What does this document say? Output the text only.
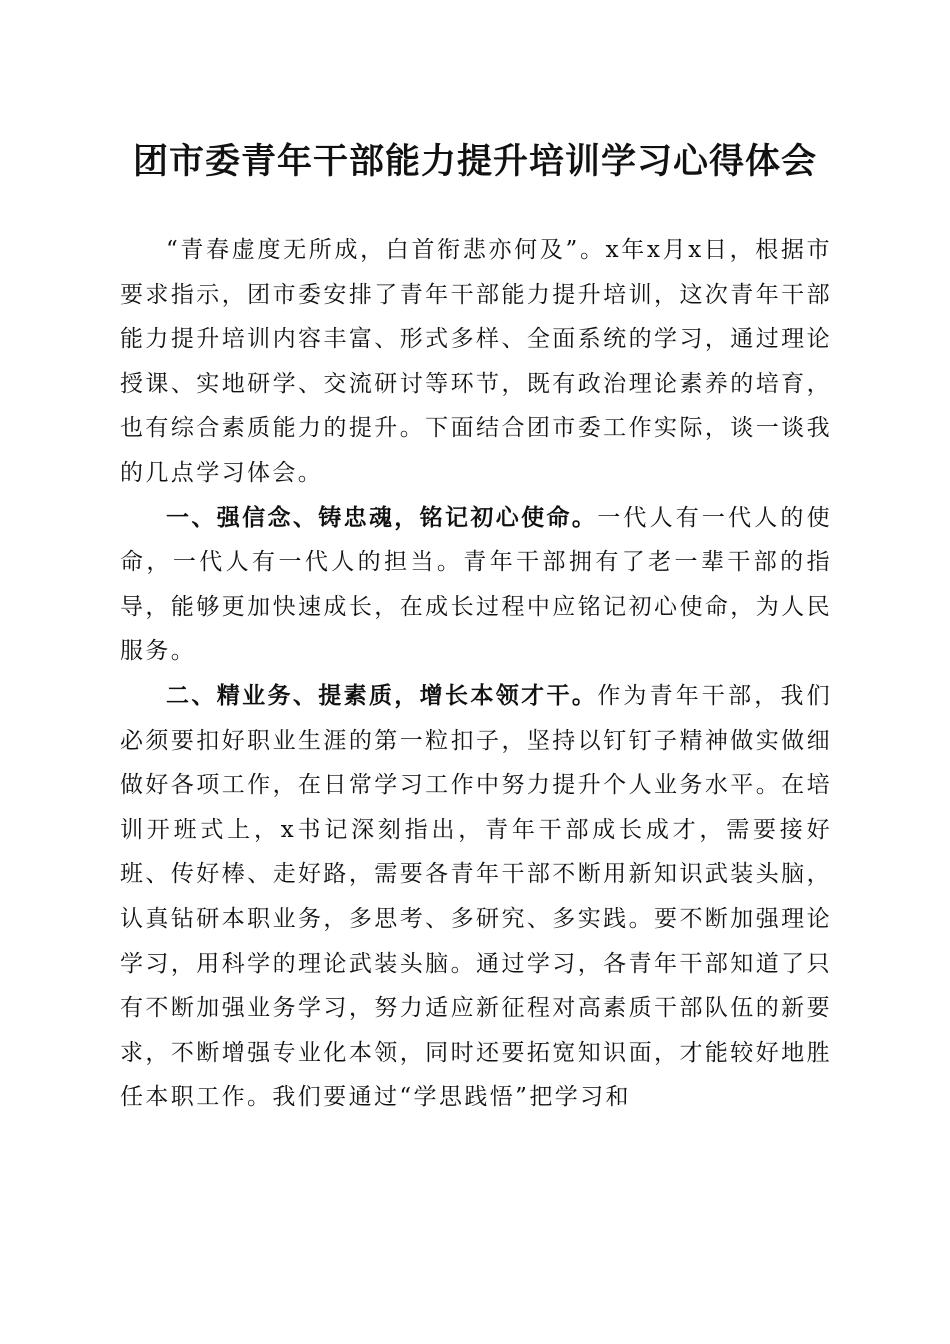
团市委青年干部能力提升培训学习心得体会

“青春虚度无所成，白首衔悲亦何及”。x年x月x日，根据市要求指示，团市委安排了青年干部能力提升培训，这次青年干部能力提升培训内容丰富、形式多样、全面系统的学习，通过理论授课、实地研学、交流研讨等环节，既有政治理论素养的培育，也有综合素质能力的提升。下面结合团市委工作实际，谈一谈我的几点学习体会。

一、强信念、铸忠魂，铭记初心使命。一代人有一代人的使命，一代人有一代人的担当。青年干部拥有了老一辈干部的指导，能够更加快速成长，在成长过程中应铭记初心使命，为人民服务。

二、精业务、提素质，增长本领才干。作为青年干部，我们必须要扣好职业生涯的第一粒扣子，坚持以钉钉子精神做实做细做好各项工作，在日常学习工作中努力提升个人业务水平。在培训开班式上，x书记深刻指出，青年干部成长成才，需要接好班、传好棒、走好路，需要各青年干部不断用新知识武装头脑，认真钻研本职业务，多思考、多研究、多实践。要不断加强理论学习，用科学的理论武装头脑。通过学习，各青年干部知道了只有不断加强业务学习，努力适应新征程对高素质干部队伍的新要求，不断增强专业化本领，同时还要拓宽知识面，才能较好地胜任本职工作。我们要通过“学思践悟”把学习和
